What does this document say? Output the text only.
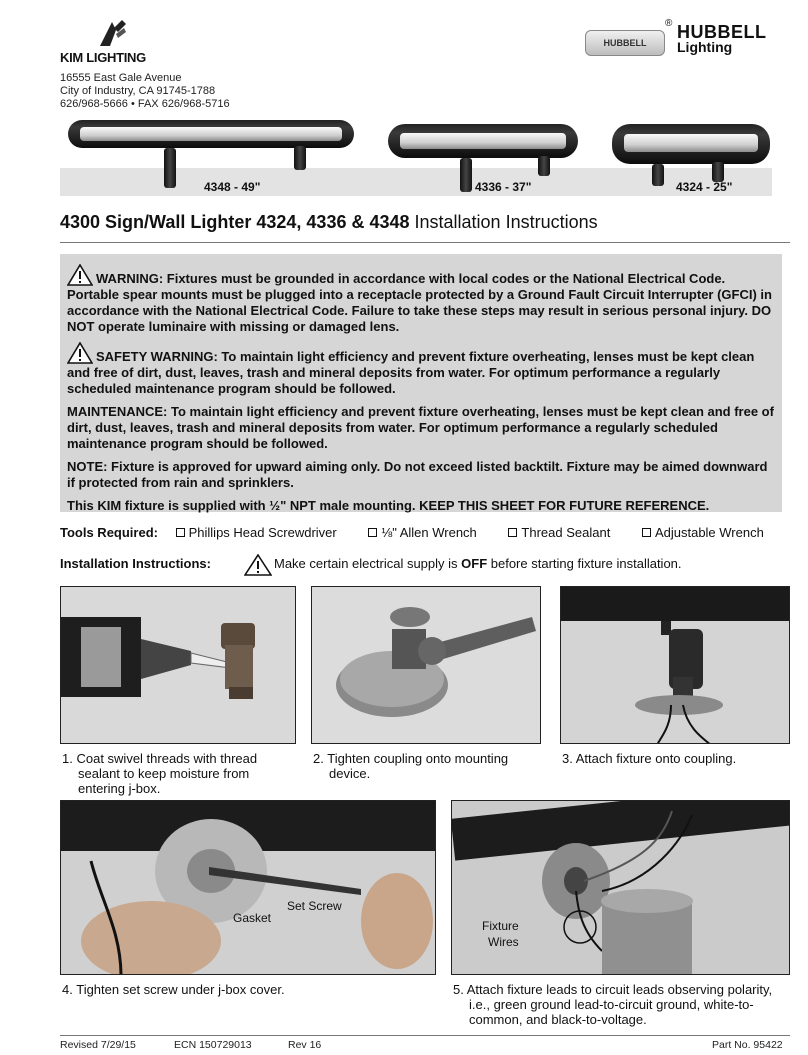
KIM LIGHTING
16555 East Gale Avenue
City of Industry, CA 91745-1788
626/968-5666 • FAX 626/968-5716
HUBBELL
® HUBBELL
Lighting
4348 - 49"	4336 - 37"	4324 - 25"
4300 Sign/Wall Lighter 4324, 4336 & 4348 Installation Instructions

WARNING: Fixtures must be grounded in accordance with local codes or the National Electrical Code. Portable spear mounts must be plugged into a receptacle protected by a Ground Fault Circuit Interrupter (GFCI) in accordance with the National Electrical Code. Failure to take these steps may result in serious personal injury. DO NOT operate luminaire with missing or damaged lens.

SAFETY WARNING: To maintain light efficiency and prevent fixture overheating, lenses must be kept clean and free of dirt, dust, leaves, trash and mineral deposits from water. For optimum performance a regularly scheduled maintenance program should be followed.

MAINTENANCE: To maintain light efficiency and prevent fixture overheating, lenses must be kept clean and free of dirt, dust, leaves, trash and mineral deposits from water. For optimum performance a regularly scheduled maintenance program should be followed.

NOTE: Fixture is approved for upward aiming only. Do not exceed listed backtilt. Fixture may be aimed downward if protected from rain and sprinklers.

This KIM fixture is supplied with ½" NPT male mounting. KEEP THIS SHEET FOR FUTURE REFERENCE.

Tools Required: Phillips Head Screwdriver	⅛" Allen Wrench	Thread Sealant	Adjustable Wrench
Installation Instructions:	Make certain electrical supply is OFF before starting fixture installation.
1. Coat swivel threads with thread sealant to keep moisture from entering j-box.
2. Tighten coupling onto mounting device.
3. Attach fixture onto coupling.
Set Screw
Gasket
4. Tighten set screw under j-box cover.
Fixture
Wires
5. Attach fixture leads to circuit leads observing polarity, i.e., green ground lead-to-circuit ground, white-to-common, and black-to-voltage.
Revised 7/29/15	ECN 150729013	Rev 16	Part No. 95422
